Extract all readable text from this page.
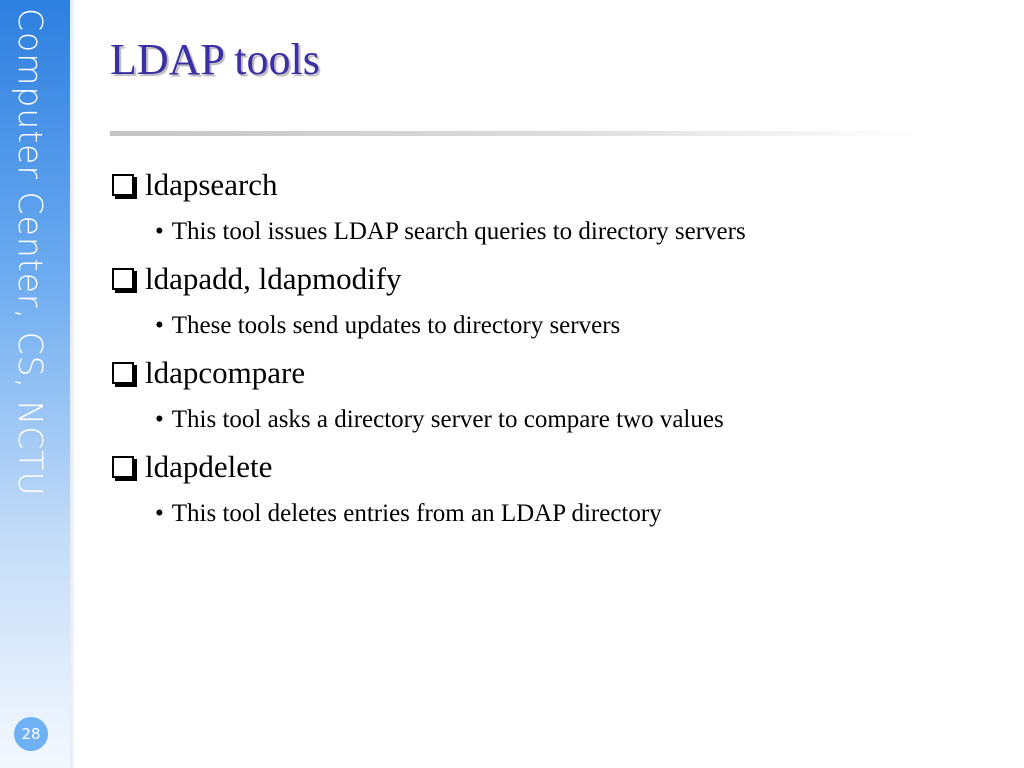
Computer Center, CS, NCTU
28
LDAP tools
ldapsearch
• This tool issues LDAP search queries to directory servers
ldapadd, ldapmodify
• These tools send updates to directory servers
ldapcompare
• This tool asks a directory server to compare two values
ldapdelete
• This tool deletes entries from an LDAP directory
